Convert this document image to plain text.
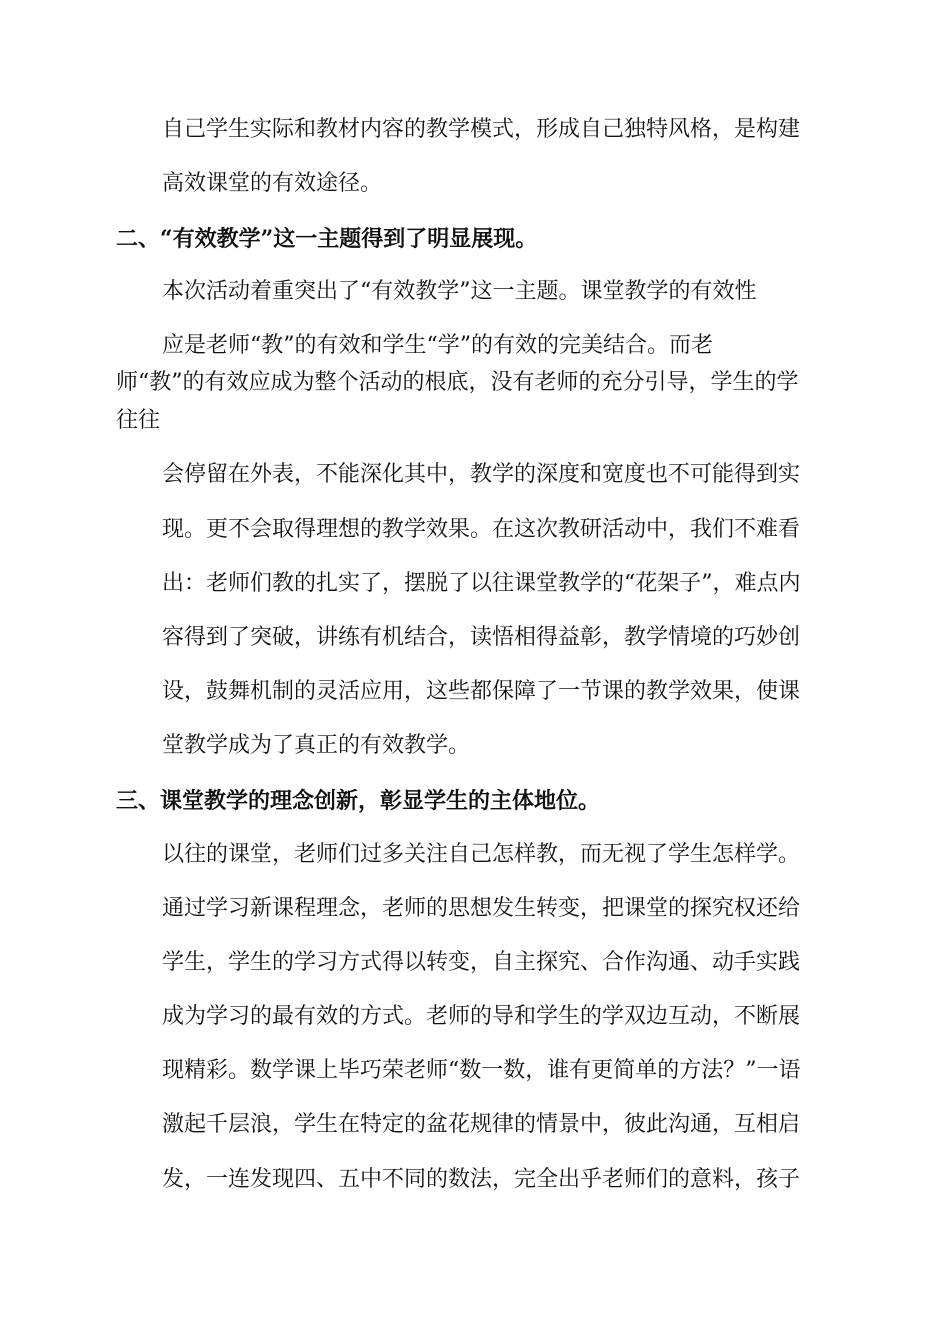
自己学生实际和教材内容的教学模式，形成自己独特风格，是构建

高效课堂的有效途径。

二、“有效教学”这一主题得到了明显展现。

本次活动着重突出了“有效教学”这一主题。课堂教学的有效性

应是老师“教”的有效和学生“学”的有效的完美结合。而老

师“教”的有效应成为整个活动的根底，没有老师的充分引导，学生的学

往往

会停留在外表，不能深化其中，教学的深度和宽度也不可能得到实

现。更不会取得理想的教学效果。在这次教研活动中，我们不难看

出：老师们教的扎实了，摆脱了以往课堂教学的“花架子”，难点内

容得到了突破，讲练有机结合，读悟相得益彰，教学情境的巧妙创

设，鼓舞机制的灵活应用，这些都保障了一节课的教学效果，使课

堂教学成为了真正的有效教学。

三、课堂教学的理念创新，彰显学生的主体地位。

以往的课堂，老师们过多关注自己怎样教，而无视了学生怎样学。

通过学习新课程理念，老师的思想发生转变，把课堂的探究权还给

学生，学生的学习方式得以转变，自主探究、合作沟通、动手实践

成为学习的最有效的方式。老师的导和学生的学双边互动，不断展

现精彩。数学课上毕巧荣老师“数一数，谁有更简单的方法？”一语

激起千层浪，学生在特定的盆花规律的情景中，彼此沟通，互相启

发，一连发现四、五中不同的数法，完全出乎老师们的意料，孩子
